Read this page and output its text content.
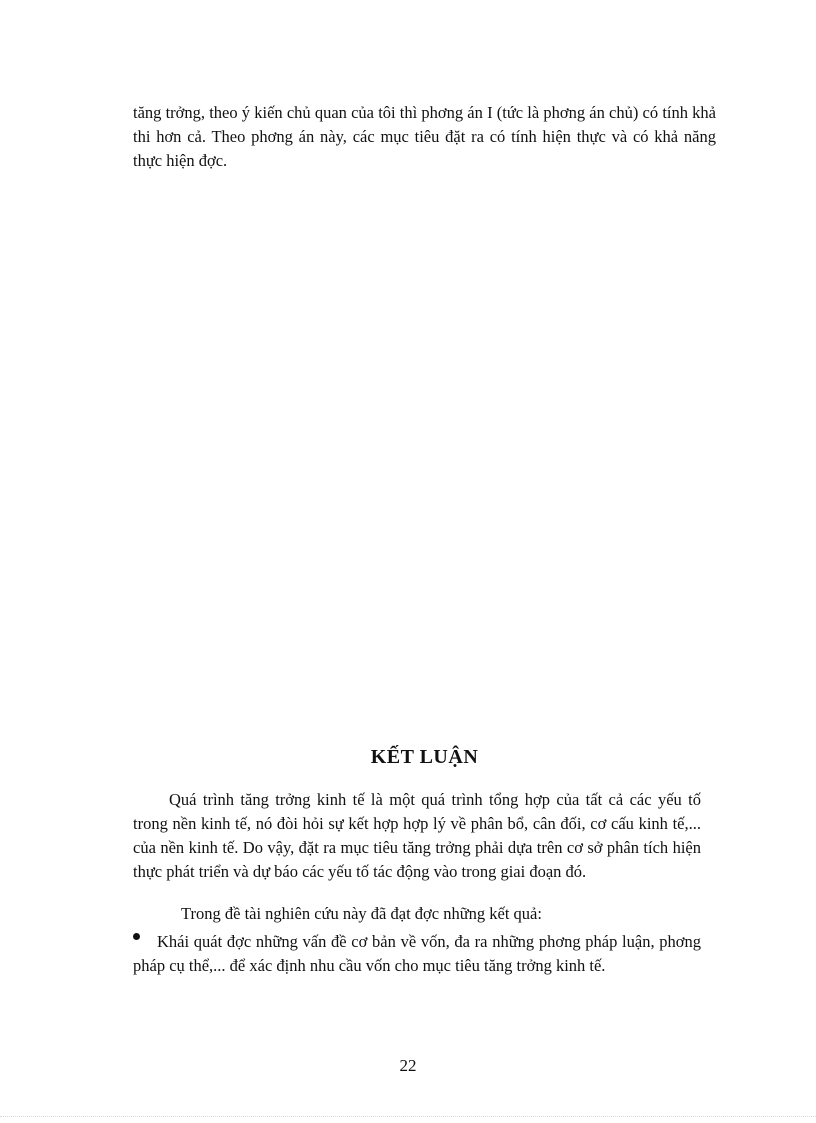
tăng trởng, theo ý kiến chủ quan của tôi thì phơng án I (tức là phơng án chủ) có tính khả thi hơn cả. Theo phơng án này, các mục tiêu đặt ra có tính hiện thực và có khả năng thực hiện đợc.

KẾT LUẬN

Quá trình tăng trởng kinh tế là một quá trình tổng hợp của tất cả các yếu tố trong nền kinh tế, nó đòi hỏi sự kết hợp hợp lý về phân bổ, cân đối, cơ cấu kinh tế,... của nền kinh tế. Do vậy, đặt ra mục tiêu tăng trởng phải dựa trên cơ sở phân tích hiện thực phát triển và dự báo các yếu tố tác động vào trong giai đoạn đó.

Trong đề tài nghiên cứu này đã đạt đợc những kết quả:

Khái quát đợc những vấn đề cơ bản về vốn, đa ra những phơng pháp luận, phơng pháp cụ thể,... để xác định nhu cầu vốn cho mục tiêu tăng trởng kinh tế.

22
